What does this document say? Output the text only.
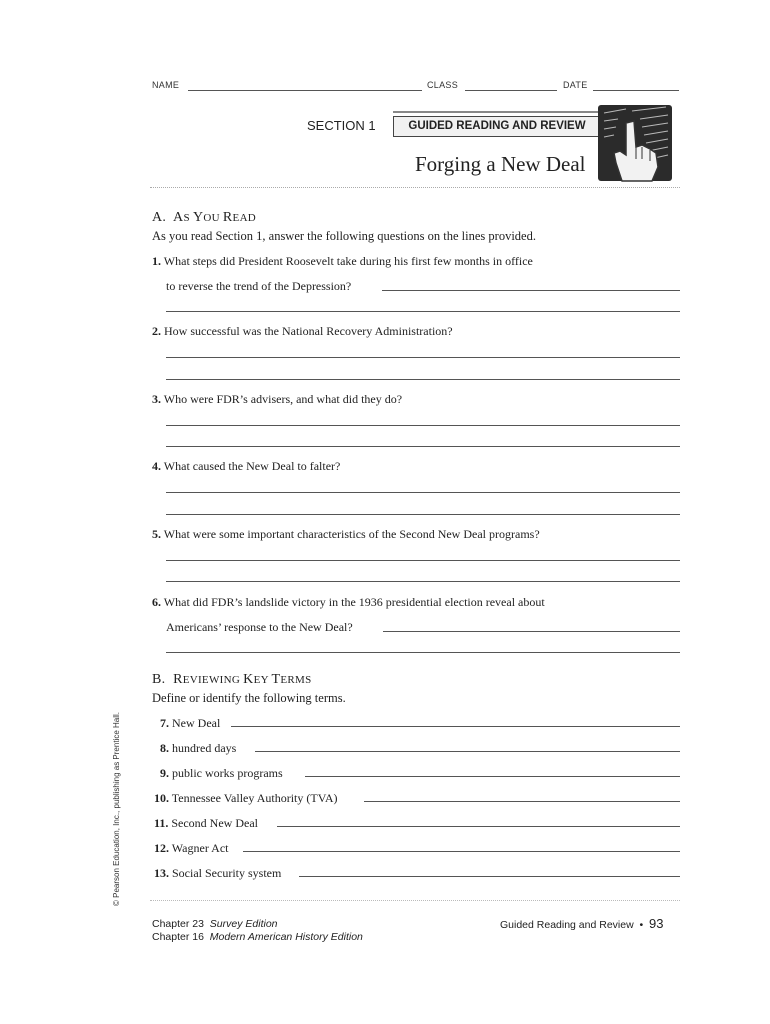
NAME	CLASS	DATE
SECTION 1	GUIDED READING AND REVIEW
Forging a New Deal
A. AS YOU READ
As you read Section 1, answer the following questions on the lines provided.
1. What steps did President Roosevelt take during his first few months in office
to reverse the trend of the Depression?
2. How successful was the National Recovery Administration?
3. Who were FDR’s advisers, and what did they do?
4. What caused the New Deal to falter?
5. What were some important characteristics of the Second New Deal programs?
6. What did FDR’s landslide victory in the 1936 presidential election reveal about
Americans’ response to the New Deal?
B. REVIEWING KEY TERMS
Define or identify the following terms.
7. New Deal
8. hundred days
9. public works programs
10. Tennessee Valley Authority (TVA)
11. Second New Deal
12. Wagner Act
13. Social Security system
© Pearson Education, Inc., publishing as Prentice Hall.
Chapter 23 Survey Edition
Chapter 16 Modern American History Edition
Guided Reading and Review • 93
